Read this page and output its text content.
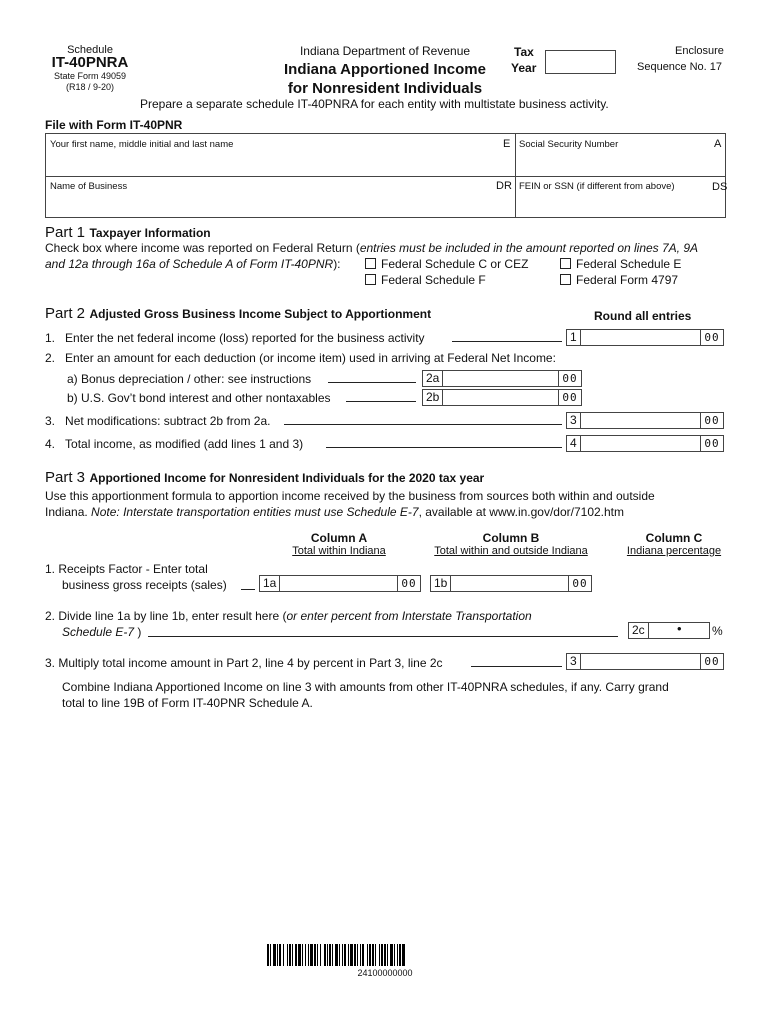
Schedule
IT-40PNRA
State Form 49059
(R18 / 9-20)
Indiana Department of Revenue
Indiana Apportioned Income
for Nonresident Individuals
Tax
Year
Enclosure
Sequence No. 17
Prepare a separate schedule IT-40PNRA for each entity with multistate business activity.
File with Form IT-40PNR
Your first name, middle initial and last name	E Social Security Number	A
Name of Business	DR FEIN or SSN (if different from above)	DS
Part 1 Taxpayer Information
Check box where income was reported on Federal Return (entries must be included in the amount reported on lines 7A, 9A
and 12a through 16a of Schedule A of Form IT-40PNR):	Federal Schedule C or CEZ	Federal Schedule E
Federal Schedule F	Federal Form 4797
Part 2 Adjusted Gross Business Income Subject to Apportionment	Round all entries
1. Enter the net federal income (loss) reported for the business activity	1	00
2. Enter an amount for each deduction (or income item) used in arriving at Federal Net Income:
a) Bonus depreciation / other: see instructions	2a	00
b) U.S. Gov’t bond interest and other nontaxables	2b	00
3. Net modifications: subtract 2b from 2a.	3	00
4. Total income, as modified (add lines 1 and 3)	4	00
Part 3 Apportioned Income for Nonresident Individuals for the 2020 tax year
Use this apportionment formula to apportion income received by the business from sources both within and outside
Indiana. Note: Interstate transportation entities must use Schedule E-7, available at www.in.gov/dor/7102.htm
Column A
Total within Indiana
Column B
Total within and outside Indiana
Column C
Indiana percentage
1. Receipts Factor - Enter total
business gross receipts (sales)	1a	00 1b	00
2. Divide line 1a by line 1b, enter result here (or enter percent from Interstate Transportation
Schedule E-7 )	2c	•	%
3. Multiply total income amount in Part 2, line 4 by percent in Part 3, line 2c	3	00
Combine Indiana Apportioned Income on line 3 with amounts from other IT-40PNRA schedules, if any. Carry grand
total to line 19B of Form IT-40PNR Schedule A.
24100000000
